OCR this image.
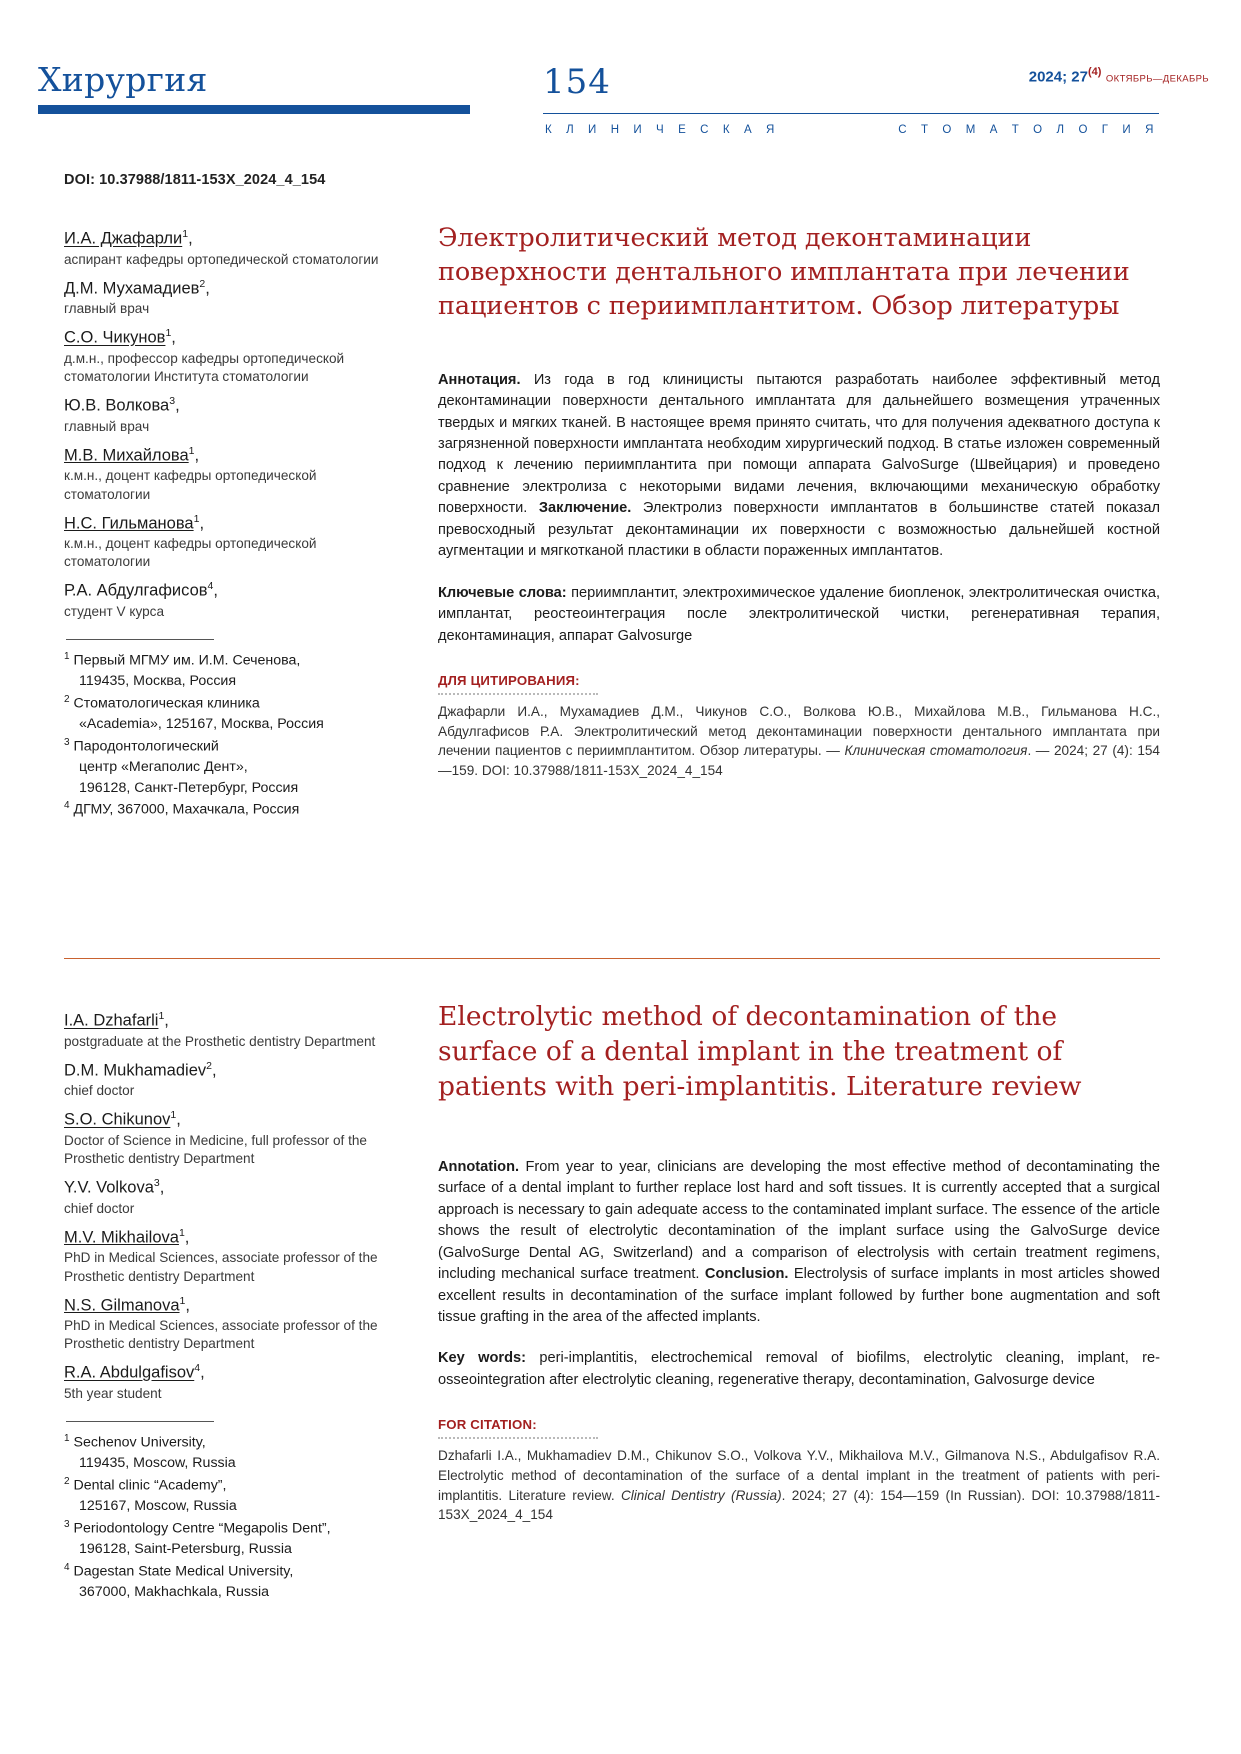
Хирургия	154	2024; 27$^{(4)}$ ОКТЯБРЬ—ДЕКАБРЬ
К Л И Н И Ч Е С К А Я	С Т О М А Т О Л О Г И Я
DOI: 10.37988/1811-153X_2024_4_154
И.А. Джафарли$^1$,
аспирант кафедры ортопедической стоматологии
Д.М. Мухамадиев$^2$,
главный врач
С.О. Чикунов$^1$,
д.м.н., профессор кафедры ортопедической стоматологии Института стоматологии
Ю.В. Волкова$^3$,
главный врач
М.В. Михайлова$^1$,
к.м.н., доцент кафедры ортопедической стоматологии
Н.С. Гильманова$^1$,
к.м.н., доцент кафедры ортопедической стоматологии
Р.А. Абдулгафисов$^4$,
студент V курса
$^1$ Первый МГМУ им. И.М. Сеченова,
119435, Москва, Россия
$^2$ Стоматологическая клиника
«Academia», 125167, Москва, Россия
$^3$ Пародонтологический
центр «Мегаполис Дент»,
196128, Санкт-Петербург, Россия
$^4$ ДГМУ, 367000, Махачкала, Россия
Электролитический метод деконтаминации поверхности дентального имплантата при лечении пациентов с периимплантитом. Обзор литературы
Аннотация. Из года в год клиницисты пытаются разработать наиболее эффективный метод деконтаминации поверхности дентального имплантата для дальнейшего возмещения утраченных твердых и мягких тканей. В настоящее время принято считать, что для получения адекватного доступа к загрязненной поверхности имплантата необходим хирургический подход. В статье изложен современный подход к лечению периимплантита при помощи аппарата GalvoSurge (Швейцария) и проведено сравнение электролиза с некоторыми видами лечения, включающими механическую обработку поверхности. Заключение. Электролиз поверхности имплантатов в большинстве статей показал превосходный результат деконтаминации их поверхности с возможностью дальнейшей костной аугментации и мягкотканой пластики в области пораженных имплантатов.
Ключевые слова: периимплантит, электрохимическое удаление биопленок, электролитическая очистка, имплантат, реостеоинтеграция после электролитической чистки, регенеративная терапия, деконтаминация, аппарат Galvosurge
ДЛЯ ЦИТИРОВАНИЯ:
Джафарли И.А., Мухамадиев Д.М., Чикунов С.О., Волкова Ю.В., Михайлова М.В., Гильманова Н.С., Абдулгафисов Р.А. Электролитический метод деконтаминации поверхности дентального имплантата при лечении пациентов с периимплантитом. Обзор литературы. — Клиническая стоматология. — 2024; 27 (4): 154—159. DOI: 10.37988/1811-153X_2024_4_154
I.A. Dzhafarli$^1$,
postgraduate at the Prosthetic dentistry Department
D.M. Mukhamadiev$^2$,
chief doctor
S.O. Chikunov$^1$,
Doctor of Science in Medicine, full professor of the Prosthetic dentistry Department
Y.V. Volkova$^3$,
chief doctor
M.V. Mikhailova$^1$,
PhD in Medical Sciences, associate professor of the Prosthetic dentistry Department
N.S. Gilmanova$^1$,
PhD in Medical Sciences, associate professor of the Prosthetic dentistry Department
R.A. Abdulgafisov$^4$,
5th year student
$^1$ Sechenov University,
119435, Moscow, Russia
$^2$ Dental clinic “Academy”,
125167, Moscow, Russia
$^3$ Periodontology Centre “Megapolis Dent”,
196128, Saint-Petersburg, Russia
$^4$ Dagestan State Medical University,
367000, Makhachkala, Russia
Electrolytic method of decontamination of the surface of a dental implant in the treatment of patients with peri-implantitis. Literature review
Annotation. From year to year, clinicians are developing the most effective method of decontaminating the surface of a dental implant to further replace lost hard and soft tissues. It is currently accepted that a surgical approach is necessary to gain adequate access to the contaminated implant surface. The essence of the article shows the result of electrolytic decontamination of the implant surface using the GalvoSurge device (GalvoSurge Dental AG, Switzerland) and a comparison of electrolysis with certain treatment regimens, including mechanical surface treatment. Conclusion. Electrolysis of surface implants in most articles showed excellent results in decontamination of the surface implant followed by further bone augmentation and soft tissue grafting in the area of the affected implants.
Key words: peri-implantitis, electrochemical removal of biofilms, electrolytic cleaning, implant, re-osseointegration after electrolytic cleaning, regenerative therapy, decontamination, Galvosurge device
FOR CITATION:
Dzhafarli I.A., Mukhamadiev D.M., Chikunov S.O., Volkova Y.V., Mikhailova M.V., Gilmanova N.S., Abdulgafisov R.A. Electrolytic method of decontamination of the surface of a dental implant in the treatment of patients with peri-implantitis. Literature review. Clinical Dentistry (Russia). 2024; 27 (4): 154—159 (In Russian). DOI: 10.37988/1811-153X_2024_4_154
